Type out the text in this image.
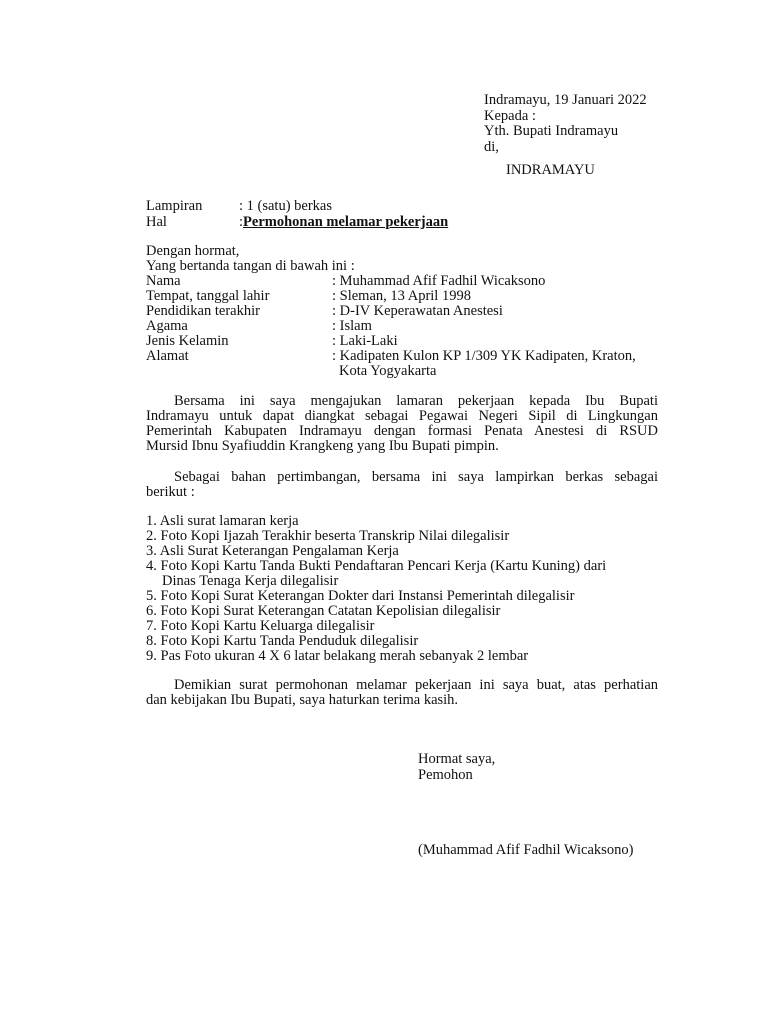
Indramayu, 19 Januari 2022
Kepada :
Yth. Bupati Indramayu
di,
INDRAMAYU
Lampiran	: 1 (satu) berkas
Hal	: Permohonan melamar pekerjaan
Dengan hormat,
Yang bertanda tangan di bawah ini :
Nama	: Muhammad Afif Fadhil Wicaksono
Tempat, tanggal lahir	: Sleman, 13 April 1998
Pendidikan terakhir	: D-IV Keperawatan Anestesi
Agama	: Islam
Jenis Kelamin	: Laki-Laki
Alamat	: Kadipaten Kulon KP 1/309 YK Kadipaten, Kraton,
Kota Yogyakarta
Bersama ini saya mengajukan lamaran pekerjaan kepada Ibu Bupati
Indramayu untuk dapat diangkat sebagai Pegawai Negeri Sipil di Lingkungan
Pemerintah Kabupaten Indramayu dengan formasi Penata Anestesi di RSUD
Mursid Ibnu Syafiuddin Krangkeng yang Ibu Bupati pimpin.
Sebagai bahan pertimbangan, bersama ini saya lampirkan berkas sebagai
berikut :
1. Asli surat lamaran kerja
2. Foto Kopi Ijazah Terakhir beserta Transkrip Nilai dilegalisir
3. Asli Surat Keterangan Pengalaman Kerja
4. Foto Kopi Kartu Tanda Bukti Pendaftaran Pencari Kerja (Kartu Kuning) dari
Dinas Tenaga Kerja dilegalisir
5. Foto Kopi Surat Keterangan Dokter dari Instansi Pemerintah dilegalisir
6. Foto Kopi Surat Keterangan Catatan Kepolisian dilegalisir
7. Foto Kopi Kartu Keluarga dilegalisir
8. Foto Kopi Kartu Tanda Penduduk dilegalisir
9. Pas Foto ukuran 4 X 6 latar belakang merah sebanyak 2 lembar
Demikian surat permohonan melamar pekerjaan ini saya buat, atas perhatian
dan kebijakan Ibu Bupati, saya haturkan terima kasih.
Hormat saya,
Pemohon
(Muhammad Afif Fadhil Wicaksono)
